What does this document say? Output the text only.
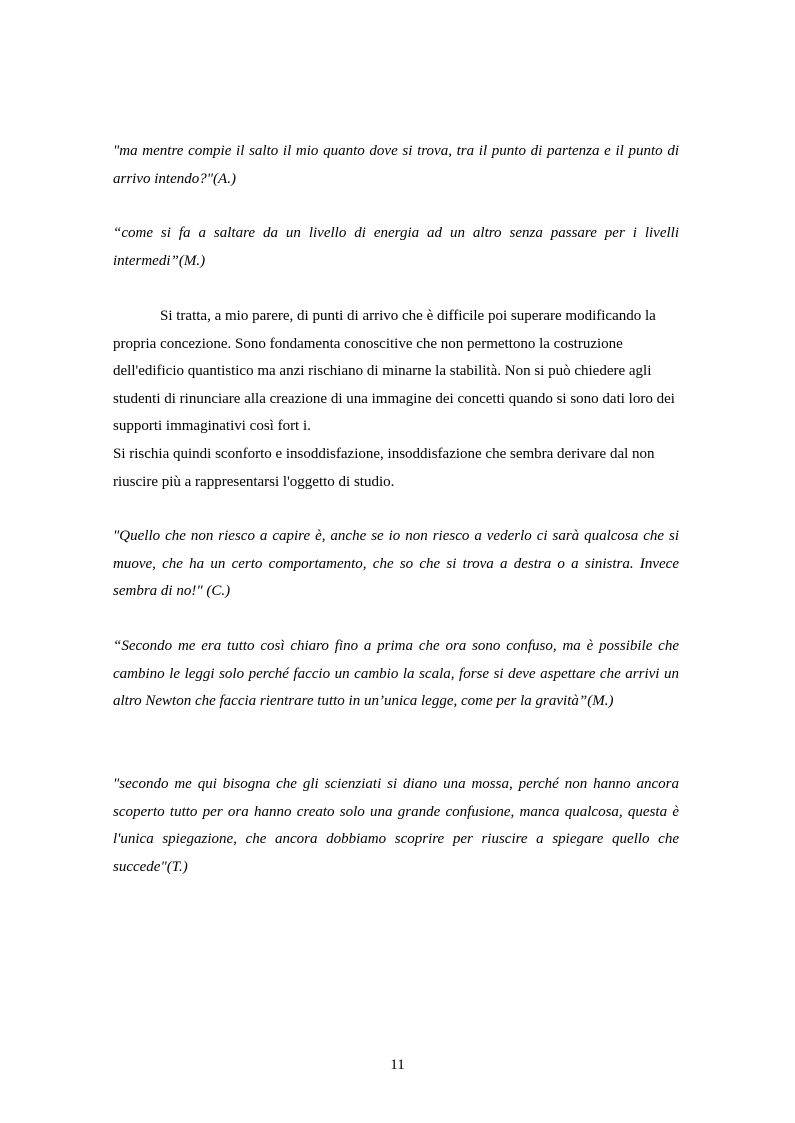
"ma mentre compie il salto il mio quanto dove si trova, tra il punto di partenza e il punto di arrivo intendo?"(A.)

“come si fa a saltare da un livello di energia ad un altro senza passare per i livelli intermedi”(M.)

Si tratta, a mio parere, di punti di arrivo che è difficile poi superare modificando la propria concezione. Sono fondamenta conoscitive che non permettono la costruzione dell'edificio quantistico ma anzi rischiano di minarne la stabilità. Non si può chiedere agli studenti di rinunciare alla creazione di una immagine dei concetti quando si sono dati loro dei supporti immaginativi così fort i.
Si rischia quindi sconforto e insoddisfazione, insoddisfazione che sembra derivare dal non riuscire più a rappresentarsi l'oggetto di studio.

"Quello che non riesco a capire è, anche se io non riesco a vederlo ci sarà qualcosa che si muove, che ha un certo comportamento, che so che si trova a destra o a sinistra. Invece sembra di no!" (C.)

“Secondo me era tutto così chiaro fino a prima che ora sono confuso, ma è possibile che cambino le leggi solo perché faccio un cambio la scala, forse si deve aspettare che arrivi un altro Newton che faccia rientrare tutto in un’unica legge, come per la gravità”(M.)

"secondo me qui bisogna che gli scienziati si diano una mossa, perché non hanno ancora scoperto tutto per ora hanno creato solo una grande confusione, manca qualcosa, questa è l'unica spiegazione, che ancora dobbiamo scoprire per riuscire a spiegare quello che succede"(T.)

11
